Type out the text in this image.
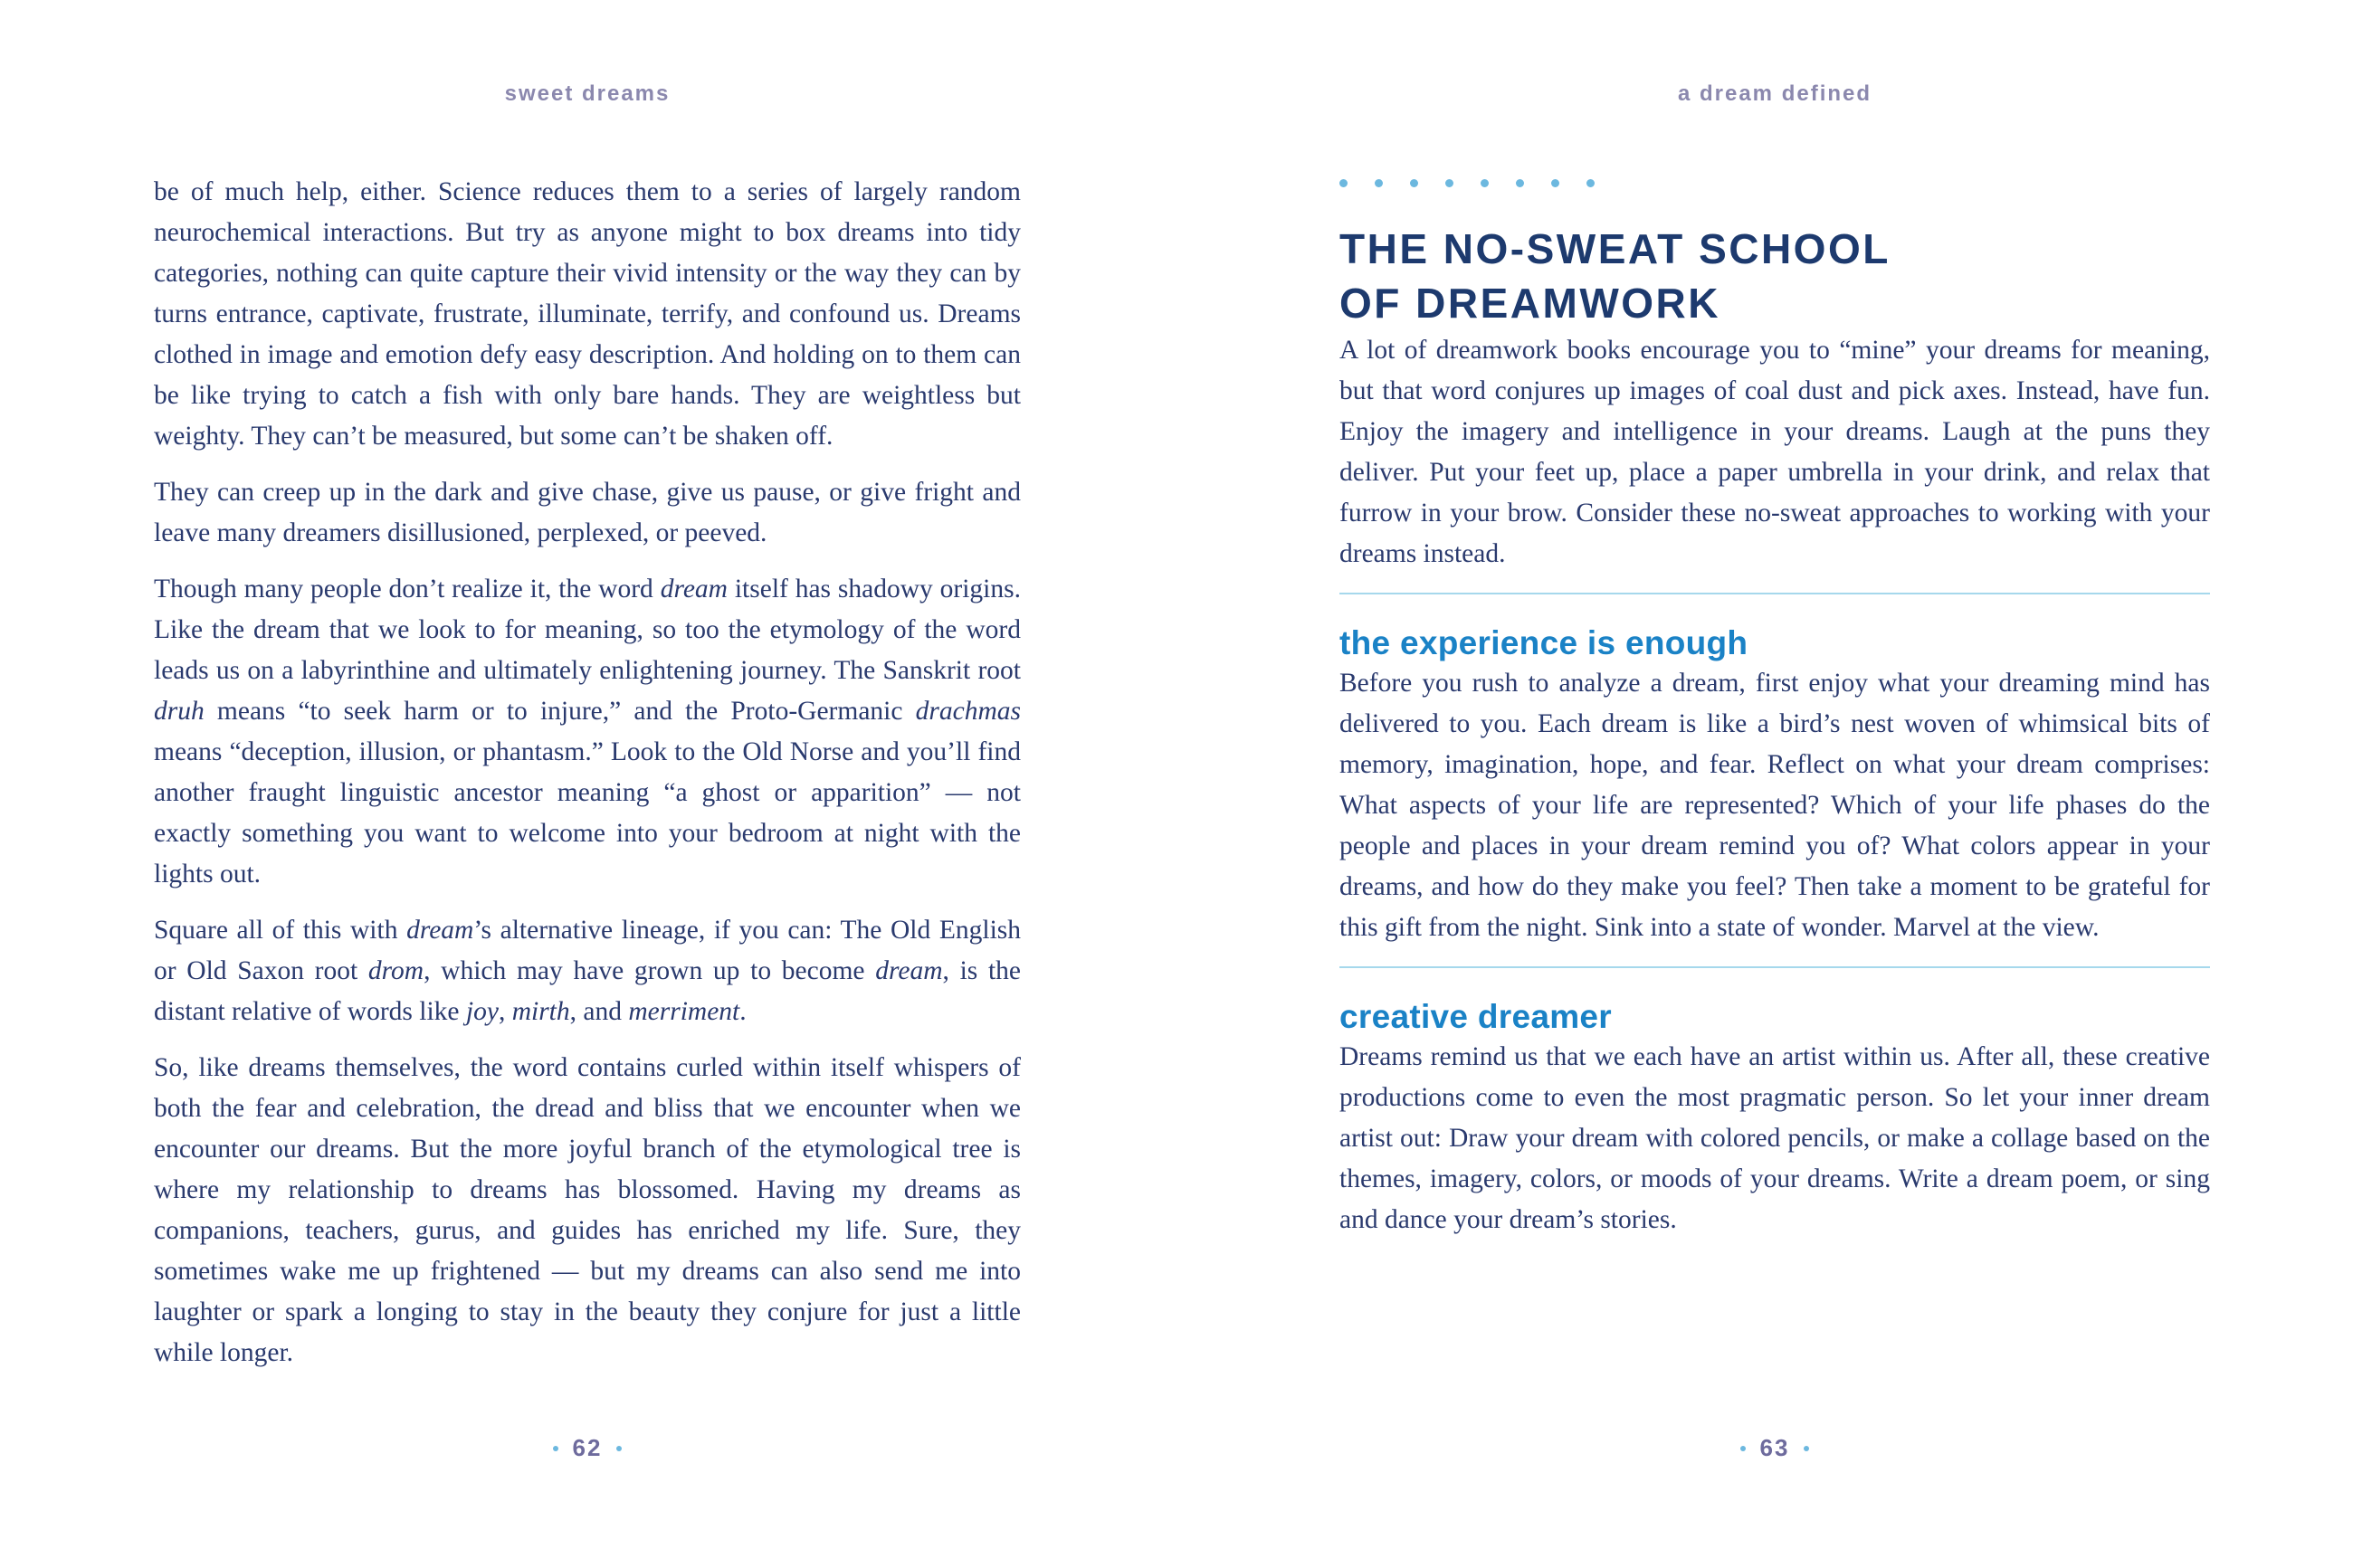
sweet dreams

be of much help, either. Science reduces them to a series of largely random neurochemical interactions. But try as anyone might to box dreams into tidy categories, nothing can quite capture their vivid intensity or the way they can by turns entrance, captivate, frustrate, illuminate, terrify, and confound us. Dreams clothed in image and emotion defy easy description. And holding on to them can be like trying to catch a fish with only bare hands. They are weightless but weighty. They can’t be measured, but some can’t be shaken off.

They can creep up in the dark and give chase, give us pause, or give fright and leave many dreamers disillusioned, perplexed, or peeved.

Though many people don’t realize it, the word dream itself has shadowy origins. Like the dream that we look to for meaning, so too the etymology of the word leads us on a labyrinthine and ultimately enlightening journey. The Sanskrit root druh means “to seek harm or to injure,” and the Proto-Germanic drachmas means “deception, illusion, or phantasm.” Look to the Old Norse and you’ll find another fraught linguistic ancestor meaning “a ghost or apparition” — not exactly something you want to welcome into your bedroom at night with the lights out.

Square all of this with dream’s alternative lineage, if you can: The Old English or Old Saxon root drom, which may have grown up to become dream, is the distant relative of words like joy, mirth, and merriment.

So, like dreams themselves, the word contains curled within itself whispers of both the fear and celebration, the dread and bliss that we encounter when we encounter our dreams. But the more joyful branch of the etymological tree is where my relationship to dreams has blossomed. Having my dreams as companions, teachers, gurus, and guides has enriched my life. Sure, they sometimes wake me up frightened — but my dreams can also send me into laughter or spark a longing to stay in the beauty they conjure for just a little while longer.

62
a dream defined
THE NO-SWEAT SCHOOL
OF DREAMWORK

A lot of dreamwork books encourage you to “mine” your dreams for meaning, but that word conjures up images of coal dust and pick axes. Instead, have fun. Enjoy the imagery and intelligence in your dreams. Laugh at the puns they deliver. Put your feet up, place a paper umbrella in your drink, and relax that furrow in your brow. Consider these no-sweat approaches to working with your dreams instead.

the experience is enough

Before you rush to analyze a dream, first enjoy what your dreaming mind has delivered to you. Each dream is like a bird’s nest woven of whimsical bits of memory, imagination, hope, and fear. Reflect on what your dream comprises: What aspects of your life are represented? Which of your life phases do the people and places in your dream remind you of? What colors appear in your dreams, and how do they make you feel? Then take a moment to be grateful for this gift from the night. Sink into a state of wonder. Marvel at the view.

creative dreamer

Dreams remind us that we each have an artist within us. After all, these creative productions come to even the most pragmatic person. So let your inner dream artist out: Draw your dream with colored pencils, or make a collage based on the themes, imagery, colors, or moods of your dreams. Write a dream poem, or sing and dance your dream’s stories.

63
